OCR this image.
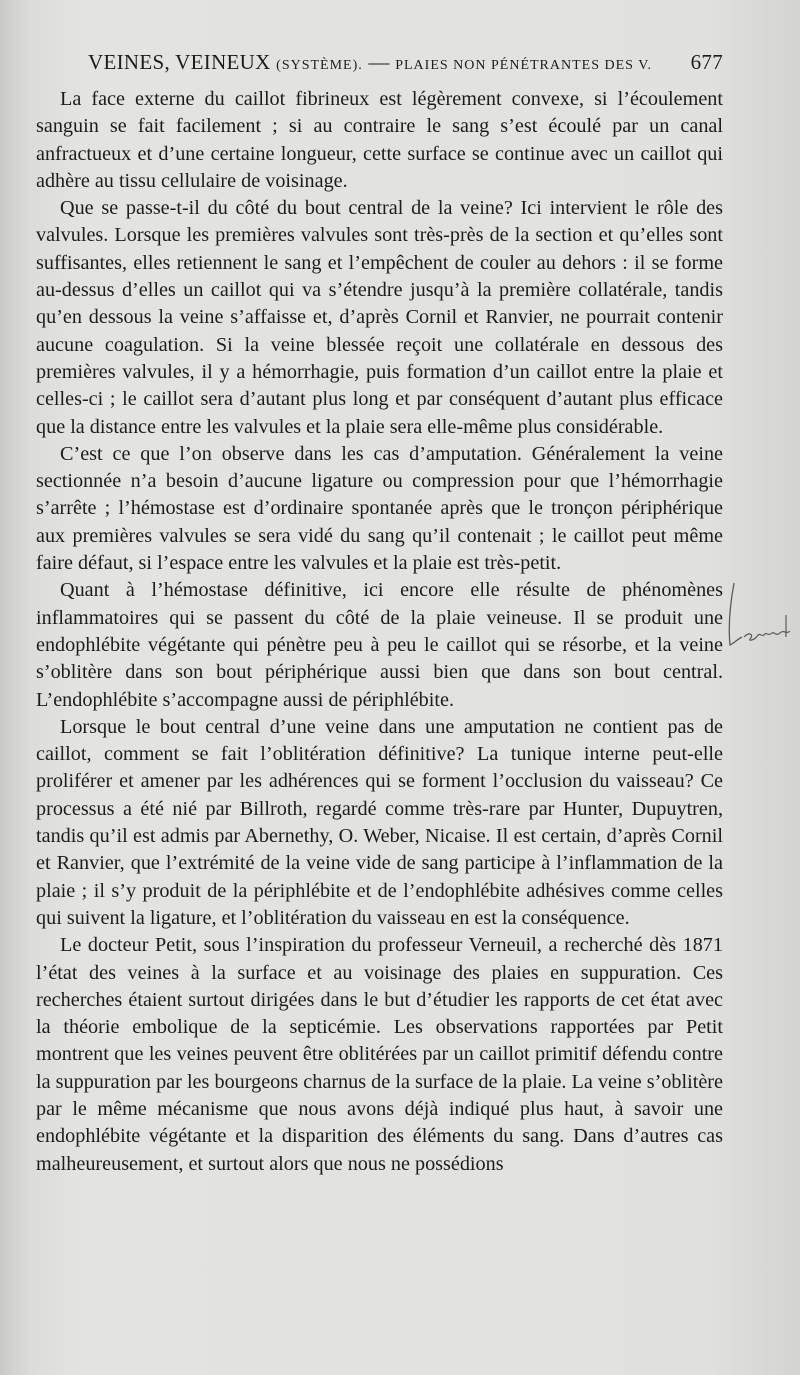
VEINES, VEINEUX (SYSTÈME). — PLAIES NON PÉNÉTRANTES DES V. 677

La face externe du caillot fibrineux est légèrement convexe, si l’écoulement sanguin se fait facilement ; si au contraire le sang s’est écoulé par un canal anfractueux et d’une certaine longueur, cette surface se continue avec un caillot qui adhère au tissu cellulaire de voisinage.

Que se passe-t-il du côté du bout central de la veine? Ici intervient le rôle des valvules. Lorsque les premières valvules sont très-près de la section et qu’elles sont suffisantes, elles retiennent le sang et l’empêchent de couler au dehors : il se forme au-dessus d’elles un caillot qui va s’étendre jusqu’à la première collatérale, tandis qu’en dessous la veine s’affaisse et, d’après Cornil et Ranvier, ne pourrait contenir aucune coagulation. Si la veine blessée reçoit une collatérale en dessous des premières valvules, il y a hémorrhagie, puis formation d’un caillot entre la plaie et celles-ci ; le caillot sera d’autant plus long et par conséquent d’autant plus efficace que la distance entre les valvules et la plaie sera elle-même plus considérable.

C’est ce que l’on observe dans les cas d’amputation. Généralement la veine sectionnée n’a besoin d’aucune ligature ou compression pour que l’hémorrhagie s’arrête ; l’hémostase est d’ordinaire spontanée après que le tronçon périphérique aux premières valvules se sera vidé du sang qu’il contenait ; le caillot peut même faire défaut, si l’espace entre les valvules et la plaie est très-petit.

Quant à l’hémostase définitive, ici encore elle résulte de phénomènes inflammatoires qui se passent du côté de la plaie veineuse. Il se produit une endophlébite végétante qui pénètre peu à peu le caillot qui se résorbe, et la veine s’oblitère dans son bout périphérique aussi bien que dans son bout central. L’endophlébite s’accompagne aussi de périphlébite.

Lorsque le bout central d’une veine dans une amputation ne contient pas de caillot, comment se fait l’oblitération définitive? La tunique interne peut-elle proliférer et amener par les adhérences qui se forment l’occlusion du vaisseau? Ce processus a été nié par Billroth, regardé comme très-rare par Hunter, Dupuytren, tandis qu’il est admis par Abernethy, O. Weber, Nicaise. Il est certain, d’après Cornil et Ranvier, que l’extrémité de la veine vide de sang participe à l’inflammation de la plaie ; il s’y produit de la périphlébite et de l’endophlébite adhésives comme celles qui suivent la ligature, et l’oblitération du vaisseau en est la conséquence.

Le docteur Petit, sous l’inspiration du professeur Verneuil, a recherché dès 1871 l’état des veines à la surface et au voisinage des plaies en suppuration. Ces recherches étaient surtout dirigées dans le but d’étudier les rapports de cet état avec la théorie embolique de la septicémie. Les observations rapportées par Petit montrent que les veines peuvent être oblitérées par un caillot primitif défendu contre la suppuration par les bourgeons charnus de la surface de la plaie. La veine s’oblitère par le même mécanisme que nous avons déjà indiqué plus haut, à savoir une endophlébite végétante et la disparition des éléments du sang. Dans d’autres cas malheureusement, et surtout alors que nous ne possédions
